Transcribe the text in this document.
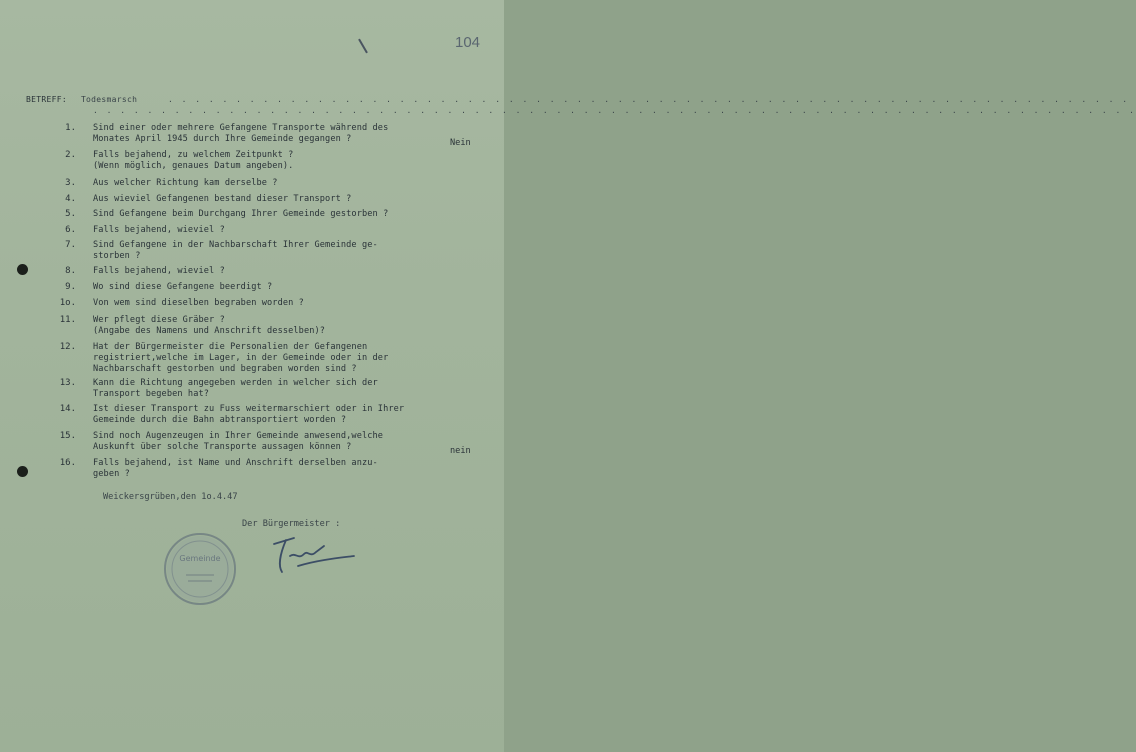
104
BETREFF: Todesmarsch	. . . . . . . . . . . . . . . . . . . . . . . . . . . . . . . . . . . . . . . . . . . . . . . . . . . . . . . . . . . . . . . . . . . . . . .
. . . . . . . . . . . . . . . . . . . . . . . . . . . . . . . . . . . . . . . . . . . . . . . . . . . . . . . . . . . . . . . . . . . . . . . . . . . . .
1. Sind einer oder mehrere Gefangene Transporte während des
Monates April 1945 durch Ihre Gemeinde gegangen ?	Nein
2. Falls bejahend, zu welchem Zeitpunkt ?
(Wenn möglich, genaues Datum angeben).
3. Aus welcher Richtung kam derselbe ?
4. Aus wieviel Gefangenen bestand dieser Transport ?
5. Sind Gefangene beim Durchgang Ihrer Gemeinde gestorben ?
6. Falls bejahend, wieviel ?
7. Sind Gefangene in der Nachbarschaft Ihrer Gemeinde ge-
storben ?
8. Falls bejahend, wieviel ?
9. Wo sind diese Gefangene beerdigt ?
1o. Von wem sind dieselben begraben worden ?
11. Wer pflegt diese Gräber ?
(Angabe des Namens und Anschrift desselben)?
12. Hat der Bürgermeister die Personalien der Gefangenen
registriert,welche im Lager, in der Gemeinde oder in der
Nachbarschaft gestorben und begraben worden sind ?
13. Kann die Richtung angegeben werden in welcher sich der
Transport begeben hat?
14. Ist dieser Transport zu Fuss weitermarschiert oder in Ihrer
Gemeinde durch die Bahn abtransportiert worden ?
15. Sind noch Augenzeugen in Ihrer Gemeinde anwesend,welche
Auskunft über solche Transporte aussagen können ?	nein
16. Falls bejahend, ist Name und Anschrift derselben anzu-
geben ?
Weickersgrüben,den 1o.4.47
Der Bürgermeister :
Gemeinde
